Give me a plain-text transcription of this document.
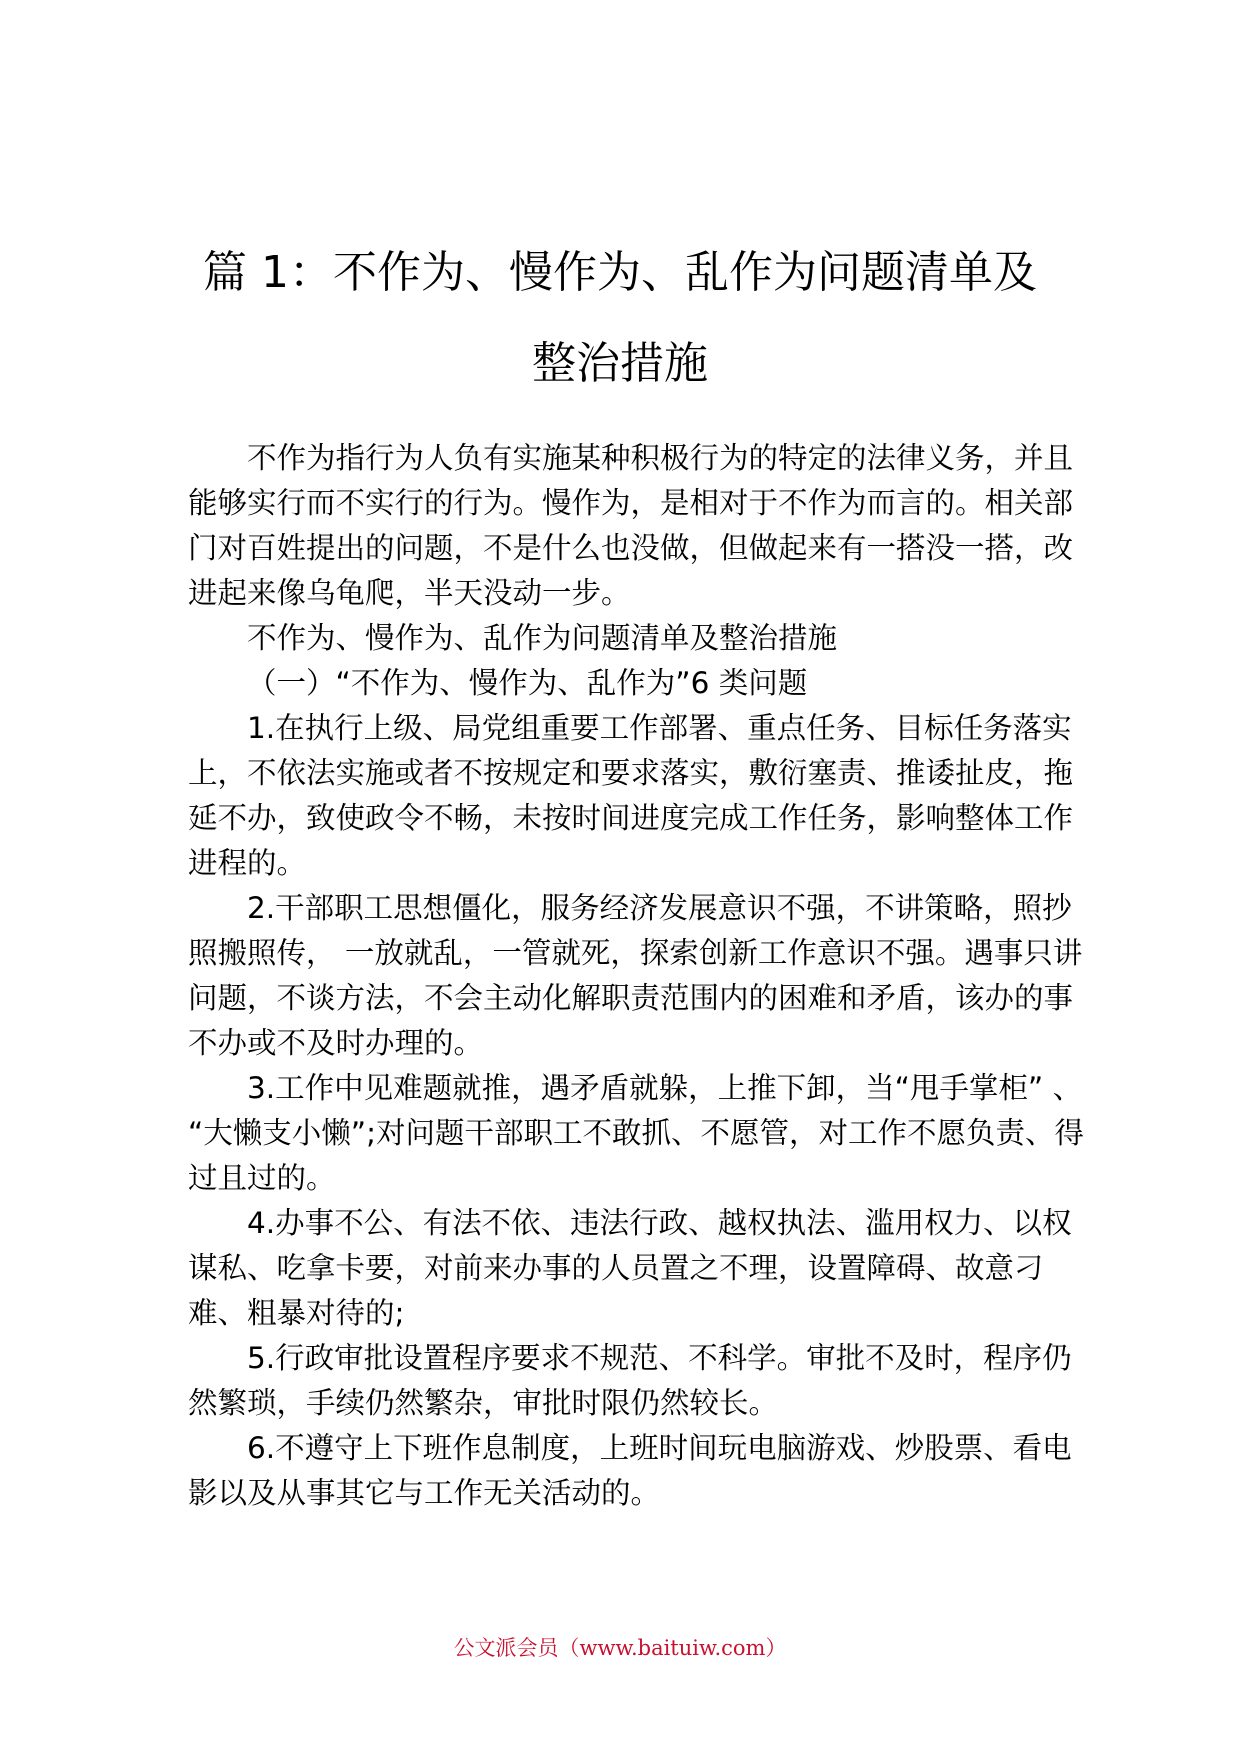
篇 1：不作为、慢作为、乱作为问题清单及
整治措施

不作为指行为人负有实施某种积极行为的特定的法律义务，并且能够实行而不实行的行为。慢作为，是相对于不作为而言的。相关部门对百姓提出的问题，不是什么也没做，但做起来有一搭没一搭，改进起来像乌龟爬，半天没动一步。

不作为、慢作为、乱作为问题清单及整治措施

（一）“不作为、慢作为、乱作为”6 类问题

1.在执行上级、局党组重要工作部署、重点任务、目标任务落实上，不依法实施或者不按规定和要求落实，敷衍塞责、推诿扯皮，拖延不办，致使政令不畅，未按时间进度完成工作任务，影响整体工作进程的。

2.干部职工思想僵化，服务经济发展意识不强，不讲策略，照抄照搬照传， 一放就乱，一管就死，探索创新工作意识不强。遇事只讲问题，不谈方法，不会主动化解职责范围内的困难和矛盾，该办的事不办或不及时办理的。

3.工作中见难题就推，遇矛盾就躲，上推下卸，当“甩手掌柜” 、 “大懒支小懒”;对问题干部职工不敢抓、不愿管，对工作不愿负责、得过且过的。

4.办事不公、有法不依、违法行政、越权执法、滥用权力、以权谋私、吃拿卡要，对前来办事的人员置之不理，设置障碍、故意刁难、粗暴对待的;

5.行政审批设置程序要求不规范、不科学。审批不及时，程序仍然繁琐，手续仍然繁杂，审批时限仍然较长。

6.不遵守上下班作息制度，上班时间玩电脑游戏、炒股票、看电影以及从事其它与工作无关活动的。

公文派会员（www.baituiw.com）
